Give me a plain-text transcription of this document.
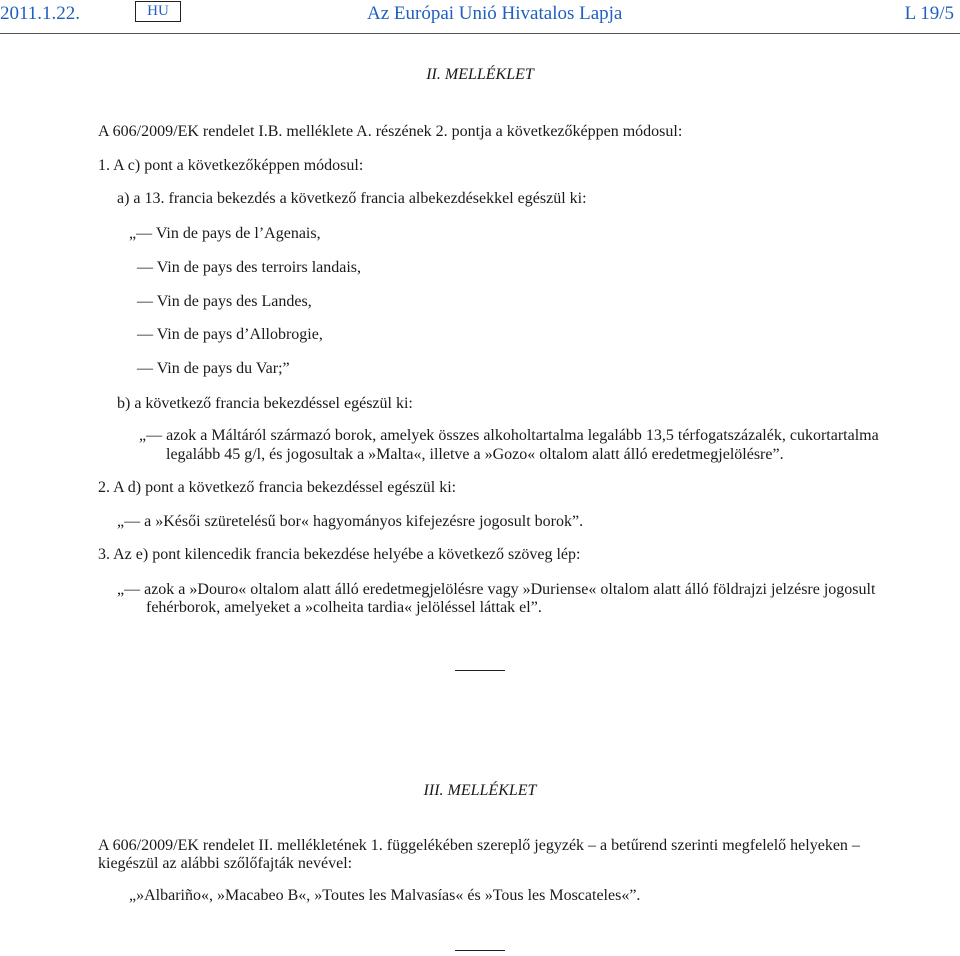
2011.1.22.	HU	Az Európai Unió Hivatalos Lapja	L 19/5
II. MELLÉKLET
A 606/2009/EK rendelet I.B. melléklete A. részének 2. pontja a következőképpen módosul:
1. A c) pont a következőképpen módosul:
a) a 13. francia bekezdés a következő francia albekezdésekkel egészül ki:
„— Vin de pays de l’Agenais,
— Vin de pays des terroirs landais,
— Vin de pays des Landes,
— Vin de pays d’Allobrogie,
— Vin de pays du Var;”
b) a következő francia bekezdéssel egészül ki:
„— azok a Máltáról származó borok, amelyek összes alkoholtartalma legalább 13,5 térfogatszázalék, cukortartalma
legalább 45 g/l, és jogosultak a »Malta«, illetve a »Gozo« oltalom alatt álló eredetmegjelölésre”.
2. A d) pont a következő francia bekezdéssel egészül ki:
„— a »Késői szüretelésű bor« hagyományos kifejezésre jogosult borok”.
3. Az e) pont kilencedik francia bekezdése helyébe a következő szöveg lép:
„— azok a »Douro« oltalom alatt álló eredetmegjelölésre vagy »Duriense« oltalom alatt álló földrajzi jelzésre jogosult
fehérborok, amelyeket a »colheita tardia« jelöléssel láttak el”.
III. MELLÉKLET
A 606/2009/EK rendelet II. mellékletének 1. függelékében szereplő jegyzék – a betűrend szerinti megfelelő helyeken –
kiegészül az alábbi szőlőfajták nevével:
„»Albariño«, »Macabeo B«, »Toutes les Malvasías« és »Tous les Moscateles«”.
